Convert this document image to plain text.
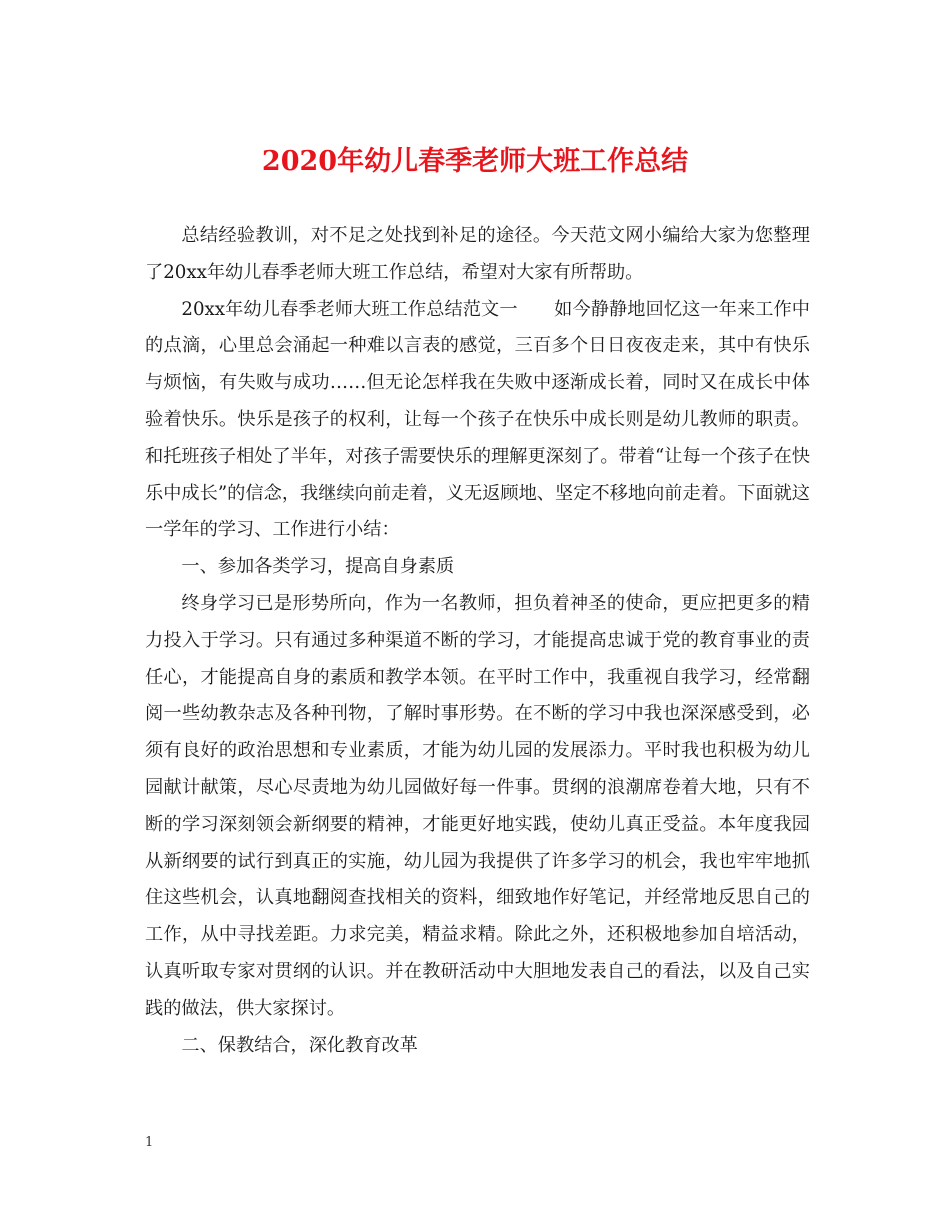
2020年幼儿春季老师大班工作总结

总结经验教训，对不足之处找到补足的途径。今天范文网小编给大家为您整理了20xx年幼儿春季老师大班工作总结，希望对大家有所帮助。

20xx年幼儿春季老师大班工作总结范文一　　如今静静地回忆这一年来工作中的点滴，心里总会涌起一种难以言表的感觉，三百多个日日夜夜走来，其中有快乐与烦恼，有失败与成功……但无论怎样我在失败中逐渐成长着，同时又在成长中体验着快乐。快乐是孩子的权利，让每一个孩子在快乐中成长则是幼儿教师的职责。和托班孩子相处了半年，对孩子需要快乐的理解更深刻了。带着“让每一个孩子在快乐中成长”的信念，我继续向前走着，义无返顾地、坚定不移地向前走着。下面就这一学年的学习、工作进行小结：

一、参加各类学习，提高自身素质

终身学习已是形势所向，作为一名教师，担负着神圣的使命，更应把更多的精力投入于学习。只有通过多种渠道不断的学习，才能提高忠诚于党的教育事业的责任心，才能提高自身的素质和教学本领。在平时工作中，我重视自我学习，经常翻阅一些幼教杂志及各种刊物，了解时事形势。在不断的学习中我也深深感受到，必须有良好的政治思想和专业素质，才能为幼儿园的发展添力。平时我也积极为幼儿园献计献策，尽心尽责地为幼儿园做好每一件事。贯纲的浪潮席卷着大地，只有不断的学习深刻领会新纲要的精神，才能更好地实践，使幼儿真正受益。本年度我园从新纲要的试行到真正的实施，幼儿园为我提供了许多学习的机会，我也牢牢地抓住这些机会，认真地翻阅查找相关的资料，细致地作好笔记，并经常地反思自己的工作，从中寻找差距。力求完美，精益求精。除此之外，还积极地参加自培活动，认真听取专家对贯纲的认识。并在教研活动中大胆地发表自己的看法，以及自己实践的做法，供大家探讨。

二、保教结合，深化教育改革

1
